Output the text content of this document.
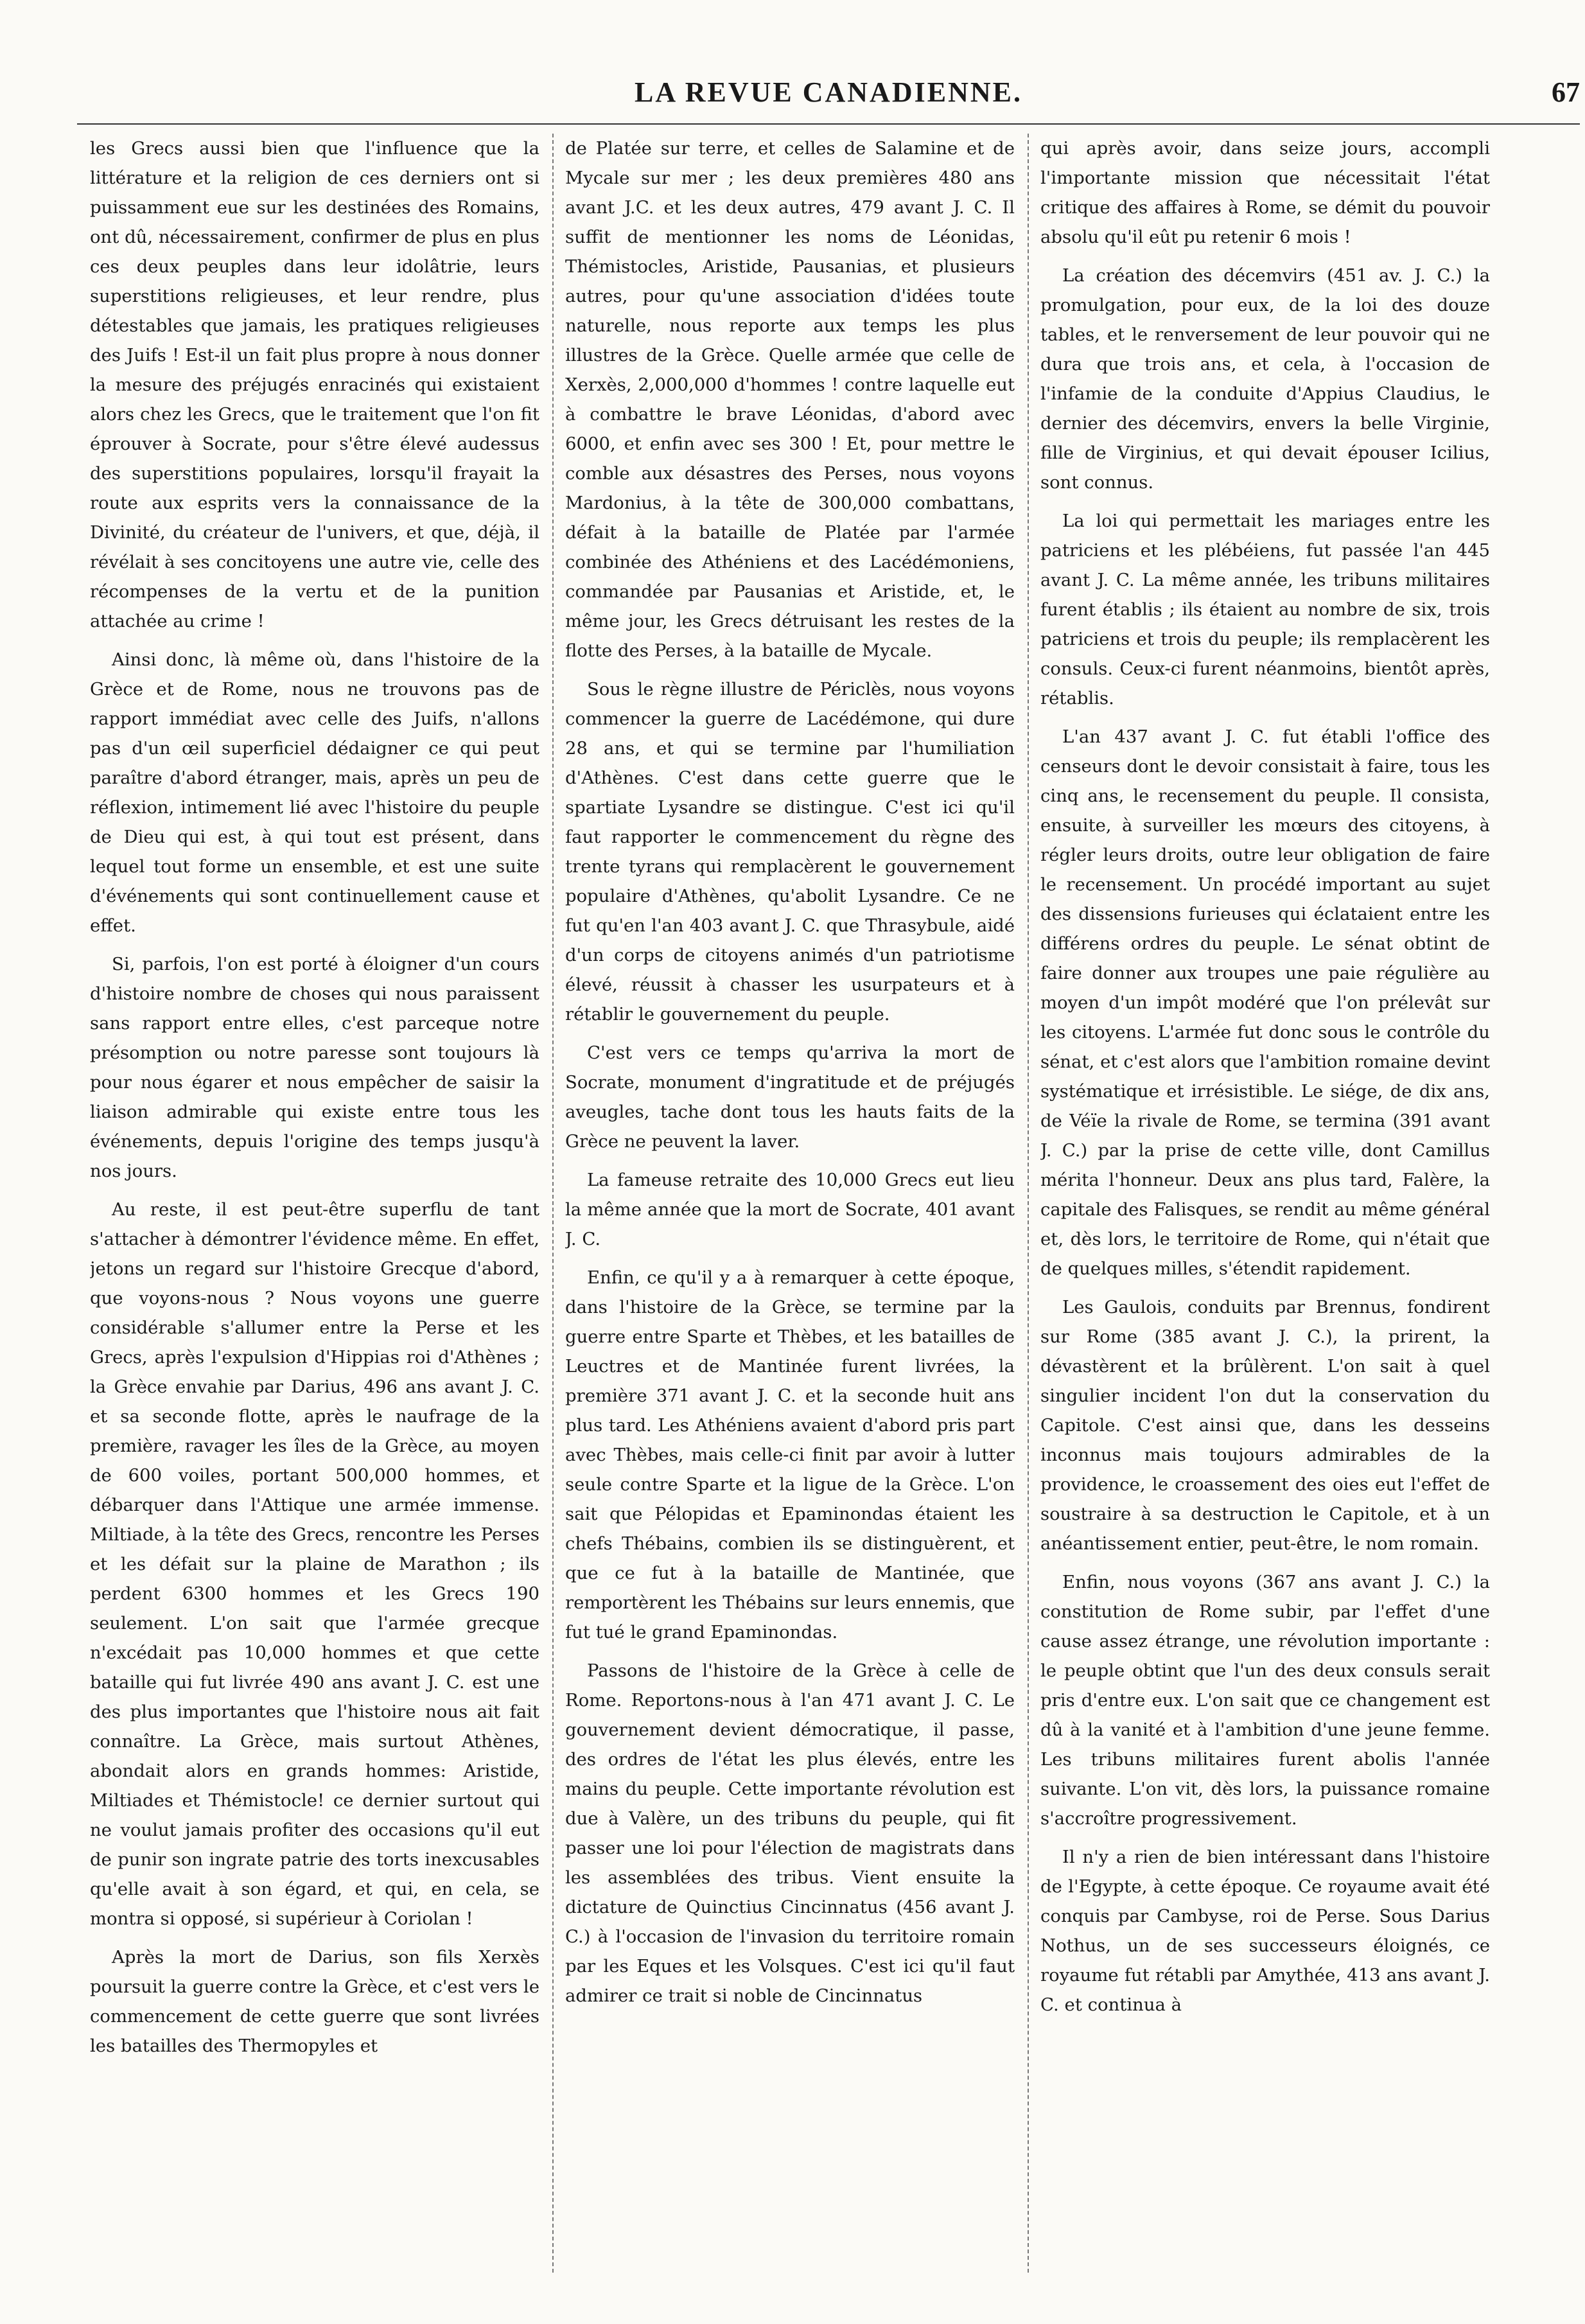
LA REVUE CANADIENNE.	67

les Grecs aussi bien que l'influence que la littérature et la religion de ces derniers ont si puissamment eue sur les destinées des Romains, ont dû, nécessairement, confirmer de plus en plus ces deux peuples dans leur idolâtrie, leurs superstitions religieuses, et leur rendre, plus détestables que jamais, les pratiques religieuses des Juifs ! Est-il un fait plus propre à nous donner la mesure des préjugés enracinés qui existaient alors chez les Grecs, que le traitement que l'on fit éprouver à Socrate, pour s'être élevé audessus des superstitions populaires, lorsqu'il frayait la route aux esprits vers la connaissance de la Divinité, du créateur de l'univers, et que, déjà, il révélait à ses concitoyens une autre vie, celle des récompenses de la vertu et de la punition attachée au crime !

Ainsi donc, là même où, dans l'histoire de la Grèce et de Rome, nous ne trouvons pas de rapport immédiat avec celle des Juifs, n'allons pas d'un œil superficiel dédaigner ce qui peut paraître d'abord étranger, mais, après un peu de réflexion, intimement lié avec l'histoire du peuple de Dieu qui est, à qui tout est présent, dans lequel tout forme un ensemble, et est une suite d'événements qui sont continuellement cause et effet.

Si, parfois, l'on est porté à éloigner d'un cours d'histoire nombre de choses qui nous paraissent sans rapport entre elles, c'est parceque notre présomption ou notre paresse sont toujours là pour nous égarer et nous empêcher de saisir la liaison admirable qui existe entre tous les événements, depuis l'origine des temps jusqu'à nos jours.

Au reste, il est peut-être superflu de tant s'attacher à démontrer l'évidence même. En effet, jetons un regard sur l'histoire Grecque d'abord, que voyons-nous ? Nous voyons une guerre considérable s'allumer entre la Perse et les Grecs, après l'expulsion d'Hippias roi d'Athènes ; la Grèce envahie par Darius, 496 ans avant J. C. et sa seconde flotte, après le naufrage de la première, ravager les îles de la Grèce, au moyen de 600 voiles, portant 500,000 hommes, et débarquer dans l'Attique une armée immense. Miltiade, à la tête des Grecs, rencontre les Perses et les défait sur la plaine de Marathon ; ils perdent 6300 hommes et les Grecs 190 seulement. L'on sait que l'armée grecque n'excédait pas 10,000 hommes et que cette bataille qui fut livrée 490 ans avant J. C. est une des plus importantes que l'histoire nous ait fait connaître. La Grèce, mais surtout Athènes, abondait alors en grands hommes: Aristide, Miltiades et Thémistocle! ce dernier surtout qui ne voulut jamais profiter des occasions qu'il eut de punir son ingrate patrie des torts inexcusables qu'elle avait à son égard, et qui, en cela, se montra si opposé, si supérieur à Coriolan !

Après la mort de Darius, son fils Xerxès poursuit la guerre contre la Grèce, et c'est vers le commencement de cette guerre que sont livrées les batailles des Thermopyles et

de Platée sur terre, et celles de Salamine et de Mycale sur mer ; les deux premières 480 ans avant J.C. et les deux autres, 479 avant J. C. Il suffit de mentionner les noms de Léonidas, Thémistocles, Aristide, Pausanias, et plusieurs autres, pour qu'une association d'idées toute naturelle, nous reporte aux temps les plus illustres de la Grèce. Quelle armée que celle de Xerxès, 2,000,000 d'hommes ! contre laquelle eut à combattre le brave Léonidas, d'abord avec 6000, et enfin avec ses 300 ! Et, pour mettre le comble aux désastres des Perses, nous voyons Mardonius, à la tête de 300,000 combattans, défait à la bataille de Platée par l'armée combinée des Athéniens et des Lacédémoniens, commandée par Pausanias et Aristide, et, le même jour, les Grecs détruisant les restes de la flotte des Perses, à la bataille de Mycale.

Sous le règne illustre de Périclès, nous voyons commencer la guerre de Lacédémone, qui dure 28 ans, et qui se termine par l'humiliation d'Athènes. C'est dans cette guerre que le spartiate Lysandre se distingue. C'est ici qu'il faut rapporter le commencement du règne des trente tyrans qui remplacèrent le gouvernement populaire d'Athènes, qu'abolit Lysandre. Ce ne fut qu'en l'an 403 avant J. C. que Thrasybule, aidé d'un corps de citoyens animés d'un patriotisme élevé, réussit à chasser les usurpateurs et à rétablir le gouvernement du peuple.

C'est vers ce temps qu'arriva la mort de Socrate, monument d'ingratitude et de préjugés aveugles, tache dont tous les hauts faits de la Grèce ne peuvent la laver.

La fameuse retraite des 10,000 Grecs eut lieu la même année que la mort de Socrate, 401 avant J. C.

Enfin, ce qu'il y a à remarquer à cette époque, dans l'histoire de la Grèce, se termine par la guerre entre Sparte et Thèbes, et les batailles de Leuctres et de Mantinée furent livrées, la première 371 avant J. C. et la seconde huit ans plus tard. Les Athéniens avaient d'abord pris part avec Thèbes, mais celle-ci finit par avoir à lutter seule contre Sparte et la ligue de la Grèce. L'on sait que Pélopidas et Epaminondas étaient les chefs Thébains, combien ils se distinguèrent, et que ce fut à la bataille de Mantinée, que remportèrent les Thébains sur leurs ennemis, que fut tué le grand Epaminondas.

Passons de l'histoire de la Grèce à celle de Rome. Reportons-nous à l'an 471 avant J. C. Le gouvernement devient démocratique, il passe, des ordres de l'état les plus élevés, entre les mains du peuple. Cette importante révolution est due à Valère, un des tribuns du peuple, qui fit passer une loi pour l'élection de magistrats dans les assemblées des tribus. Vient ensuite la dictature de Quinctius Cincinnatus (456 avant J. C.) à l'occasion de l'invasion du territoire romain par les Eques et les Volsques. C'est ici qu'il faut admirer ce trait si noble de Cincinnatus

qui après avoir, dans seize jours, accompli l'importante mission que nécessitait l'état critique des affaires à Rome, se démit du pouvoir absolu qu'il eût pu retenir 6 mois !

La création des décemvirs (451 av. J. C.) la promulgation, pour eux, de la loi des douze tables, et le renversement de leur pouvoir qui ne dura que trois ans, et cela, à l'occasion de l'infamie de la conduite d'Appius Claudius, le dernier des décemvirs, envers la belle Virginie, fille de Virginius, et qui devait épouser Icilius, sont connus.

La loi qui permettait les mariages entre les patriciens et les plébéiens, fut passée l'an 445 avant J. C. La même année, les tribuns militaires furent établis ; ils étaient au nombre de six, trois patriciens et trois du peuple; ils remplacèrent les consuls. Ceux-ci furent néanmoins, bientôt après, rétablis.

L'an 437 avant J. C. fut établi l'office des censeurs dont le devoir consistait à faire, tous les cinq ans, le recensement du peuple. Il consista, ensuite, à surveiller les mœurs des citoyens, à régler leurs droits, outre leur obligation de faire le recensement. Un procédé important au sujet des dissensions furieuses qui éclataient entre les différens ordres du peuple. Le sénat obtint de faire donner aux troupes une paie régulière au moyen d'un impôt modéré que l'on prélevât sur les citoyens. L'armée fut donc sous le contrôle du sénat, et c'est alors que l'ambition romaine devint systématique et irrésistible. Le siége, de dix ans, de Véïe la rivale de Rome, se termina (391 avant J. C.) par la prise de cette ville, dont Camillus mérita l'honneur. Deux ans plus tard, Falère, la capitale des Falisques, se rendit au même général et, dès lors, le territoire de Rome, qui n'était que de quelques milles, s'étendit rapidement.

Les Gaulois, conduits par Brennus, fondirent sur Rome (385 avant J. C.), la prirent, la dévastèrent et la brûlèrent. L'on sait à quel singulier incident l'on dut la conservation du Capitole. C'est ainsi que, dans les desseins inconnus mais toujours admirables de la providence, le croassement des oies eut l'effet de soustraire à sa destruction le Capitole, et à un anéantissement entier, peut-être, le nom romain.

Enfin, nous voyons (367 ans avant J. C.) la constitution de Rome subir, par l'effet d'une cause assez étrange, une révolution importante : le peuple obtint que l'un des deux consuls serait pris d'entre eux. L'on sait que ce changement est dû à la vanité et à l'ambition d'une jeune femme. Les tribuns militaires furent abolis l'année suivante. L'on vit, dès lors, la puissance romaine s'accroître progressivement.

Il n'y a rien de bien intéressant dans l'histoire de l'Egypte, à cette époque. Ce royaume avait été conquis par Cambyse, roi de Perse. Sous Darius Nothus, un de ses successeurs éloignés, ce royaume fut rétabli par Amythée, 413 ans avant J. C. et continua à
